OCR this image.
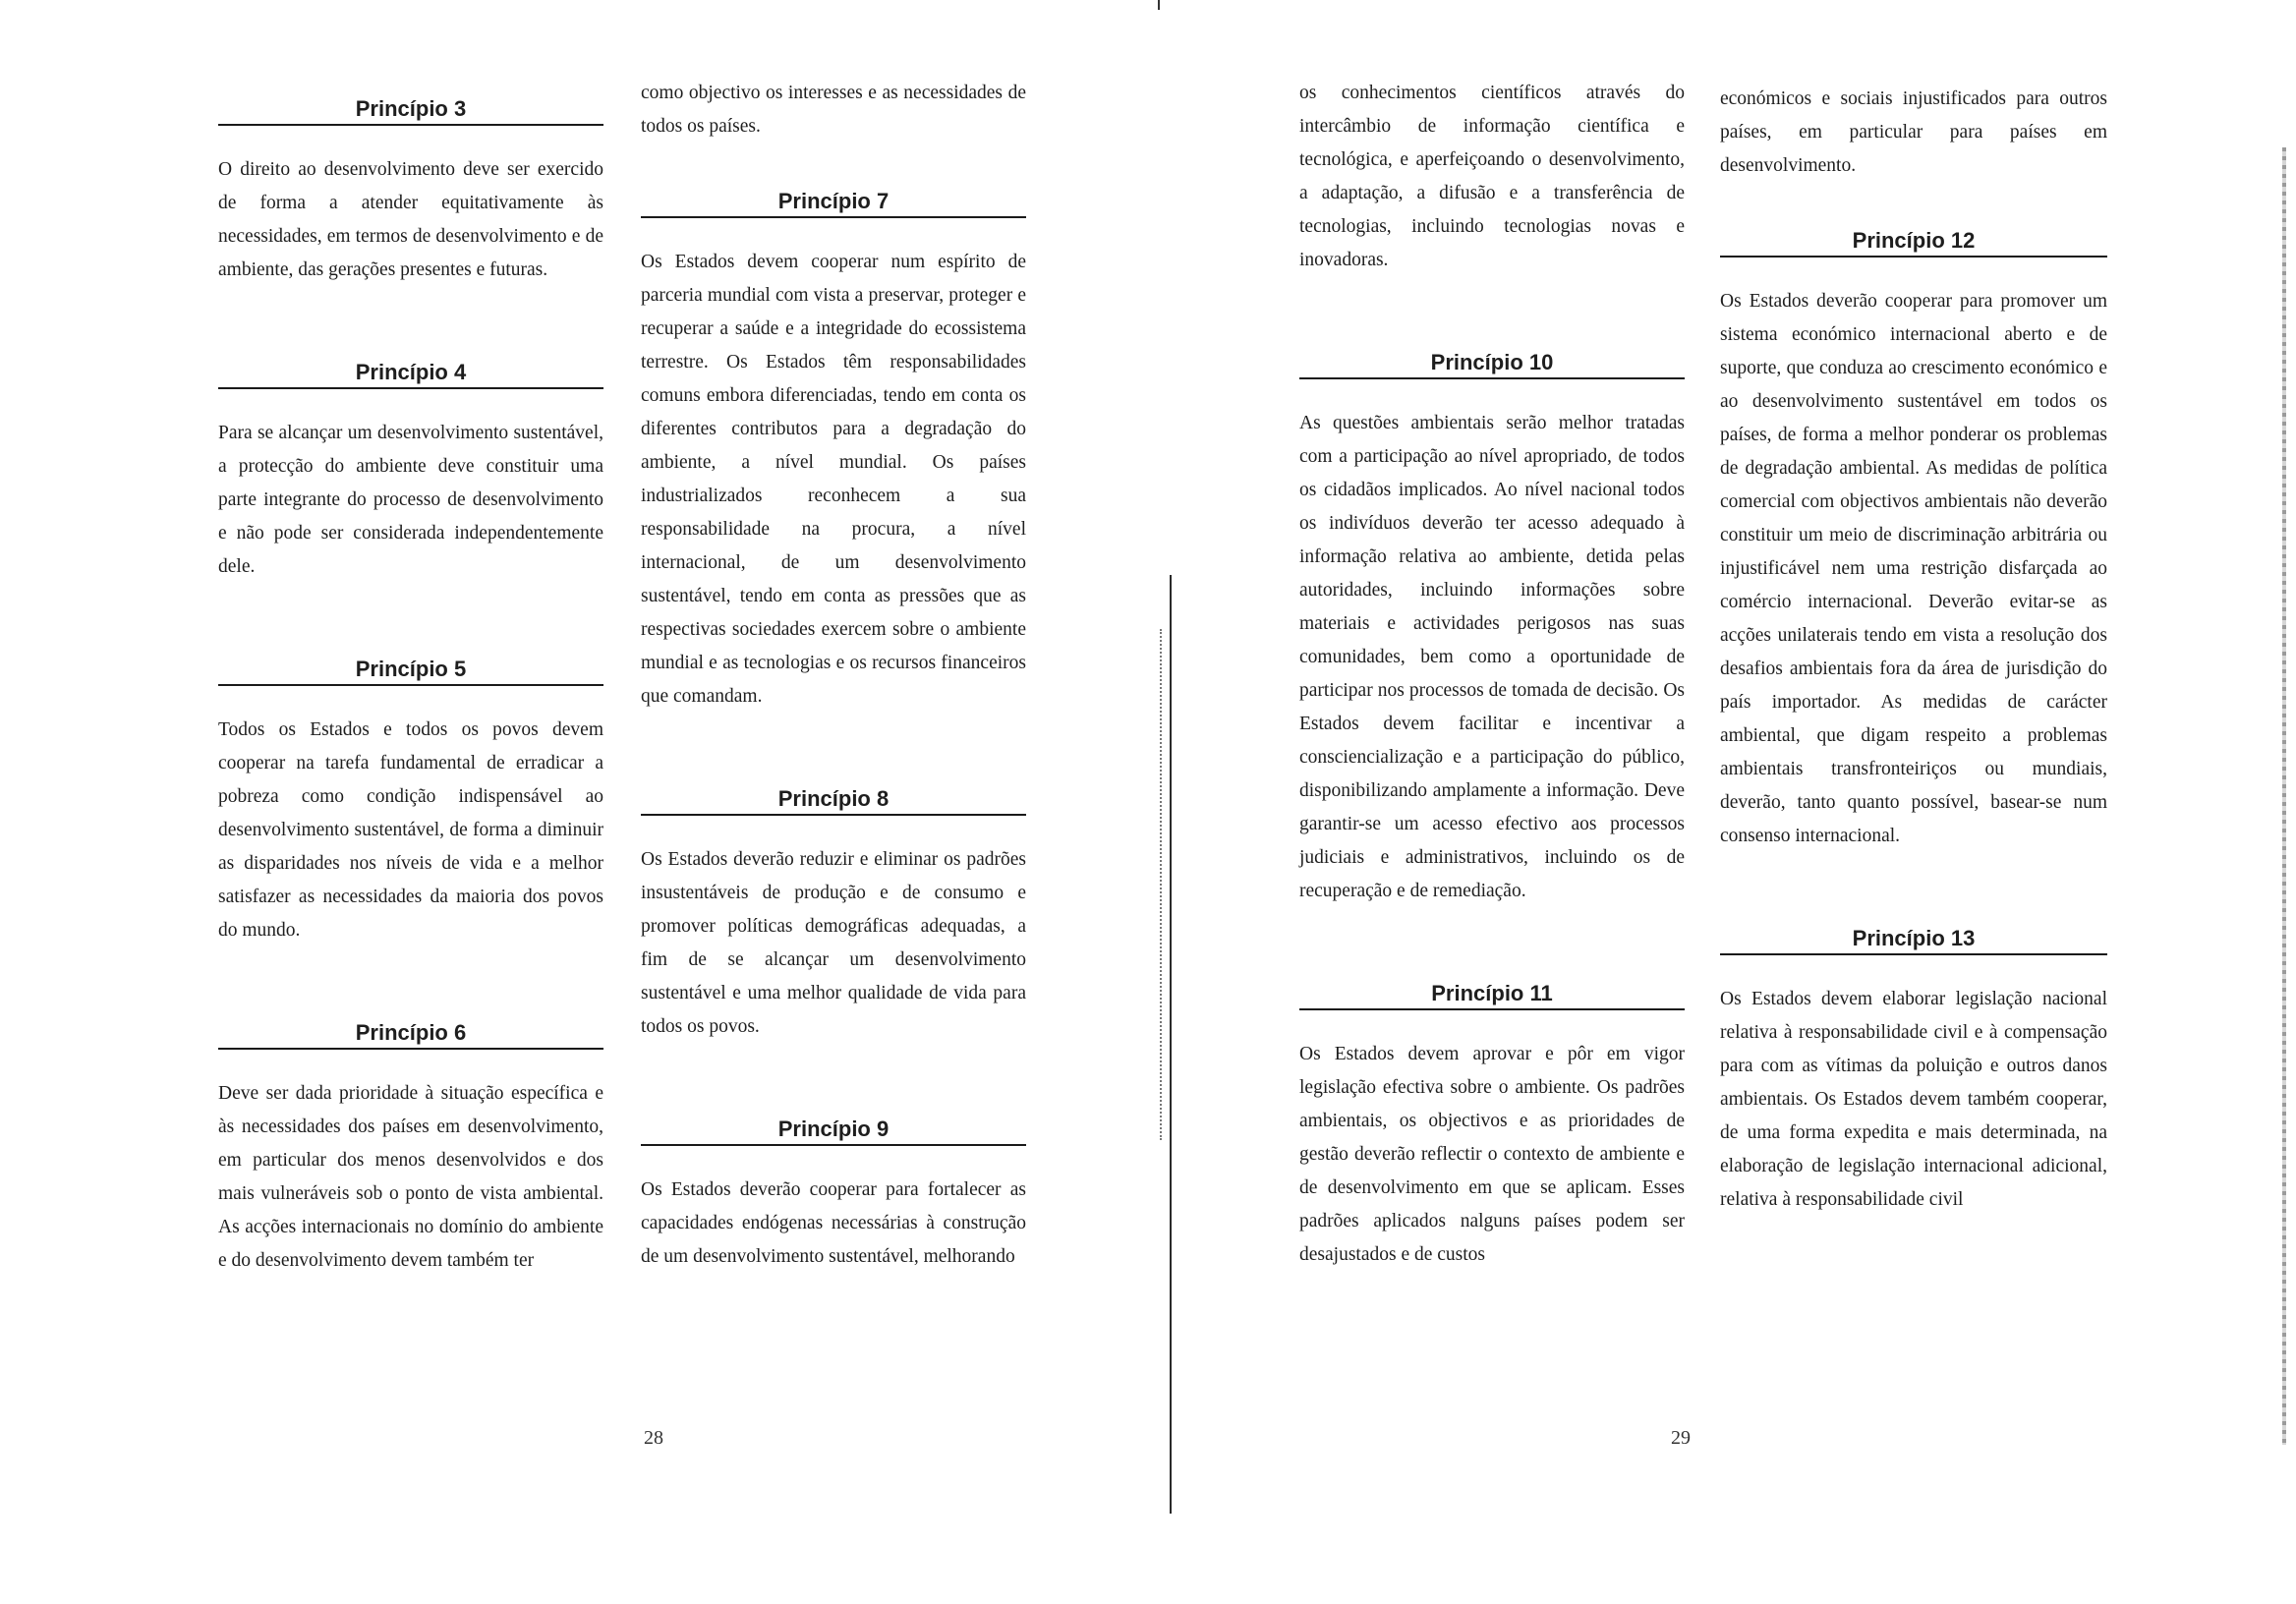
Princípio 3

O direito ao desenvolvimento deve ser exercido de forma a atender equitativamente às necessidades, em termos de desenvolvimento e de ambiente, das gerações presentes e futuras.

Princípio 4

Para se alcançar um desenvolvimento sustentável, a protecção do ambiente deve constituir uma parte integrante do processo de desenvolvimento e não pode ser considerada independentemente dele.

Princípio 5

Todos os Estados e todos os povos devem cooperar na tarefa fundamental de erradicar a pobreza como condição indispensável ao desenvolvimento sustentável, de forma a diminuir as disparidades nos níveis de vida e a melhor satisfazer as necessidades da maioria dos povos do mundo.

Princípio 6

Deve ser dada prioridade à situação específica e às necessidades dos países em desenvolvimento, em particular dos menos desenvolvidos e dos mais vulneráveis sob o ponto de vista ambiental. As acções internacionais no domínio do ambiente e do desenvolvimento devem também ter

como objectivo os interesses e as necessidades de todos os países.

Princípio 7

Os Estados devem cooperar num espírito de parceria mundial com vista a preservar, proteger e recuperar a saúde e a integridade do ecossistema terrestre. Os Estados têm responsabilidades comuns embora diferenciadas, tendo em conta os diferentes contributos para a degradação do ambiente, a nível mundial. Os países industrializados reconhecem a sua responsabilidade na procura, a nível internacional, de um desenvolvimento sustentável, tendo em conta as pressões que as respectivas sociedades exercem sobre o ambiente mundial e as tecnologias e os recursos financeiros que comandam.

Princípio 8

Os Estados deverão reduzir e eliminar os padrões insustentáveis de produção e de consumo e promover políticas demográficas adequadas, a fim de se alcançar um desenvolvimento sustentável e uma melhor qualidade de vida para todos os povos.

Princípio 9

Os Estados deverão cooperar para fortalecer as capacidades endógenas necessárias à construção de um desenvolvimento sustentável, melhorando

28

os conhecimentos científicos através do intercâmbio de informação científica e tecnológica, e aperfeiçoando o desenvolvimento, a adaptação, a difusão e a transferência de tecnologias, incluindo tecnologias novas e inovadoras.

Princípio 10

As questões ambientais serão melhor tratadas com a participação ao nível apropriado, de todos os cidadãos implicados. Ao nível nacional todos os indivíduos deverão ter acesso adequado à informação relativa ao ambiente, detida pelas autoridades, incluindo informações sobre materiais e actividades perigosos nas suas comunidades, bem como a oportunidade de participar nos processos de tomada de decisão. Os Estados devem facilitar e incentivar a consciencialização e a participação do público, disponibilizando amplamente a informação. Deve garantir-se um acesso efectivo aos processos judiciais e administrativos, incluindo os de recuperação e de remediação.

Princípio 11

Os Estados devem aprovar e pôr em vigor legislação efectiva sobre o ambiente. Os padrões ambientais, os objectivos e as prioridades de gestão deverão reflectir o contexto de ambiente e de desenvolvimento em que se aplicam. Esses padrões aplicados nalguns países podem ser desajustados e de custos

económicos e sociais injustificados para outros países, em particular para países em desenvolvimento.

Princípio 12

Os Estados deverão cooperar para promover um sistema económico internacional aberto e de suporte, que conduza ao crescimento económico e ao desenvolvimento sustentável em todos os países, de forma a melhor ponderar os problemas de degradação ambiental. As medidas de política comercial com objectivos ambientais não deverão constituir um meio de discriminação arbitrária ou injustificável nem uma restrição disfarçada ao comércio internacional. Deverão evitar-se as acções unilaterais tendo em vista a resolução dos desafios ambientais fora da área de jurisdição do país importador. As medidas de carácter ambiental, que digam respeito a problemas ambientais transfronteiriços ou mundiais, deverão, tanto quanto possível, basear-se num consenso internacional.

Princípio 13

Os Estados devem elaborar legislação nacional relativa à responsabilidade civil e à compensação para com as vítimas da poluição e outros danos ambientais. Os Estados devem também cooperar, de uma forma expedita e mais determinada, na elaboração de legislação internacional adicional, relativa à responsabilidade civil

29
